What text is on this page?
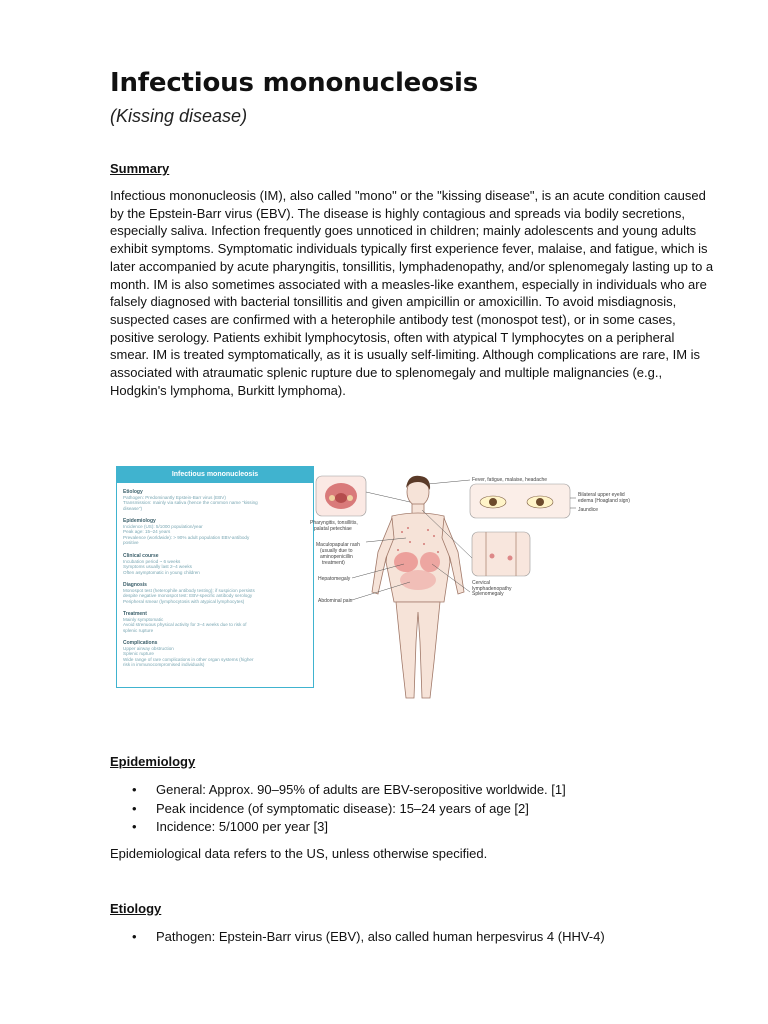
Infectious mononucleosis
(Kissing disease)
Summary
Infectious mononucleosis (IM), also called "mono" or the "kissing disease", is an acute condition caused by the Epstein-Barr virus (EBV). The disease is highly contagious and spreads via bodily secretions, especially saliva. Infection frequently goes unnoticed in children; mainly adolescents and young adults exhibit symptoms. Symptomatic individuals typically first experience fever, malaise, and fatigue, which is later accompanied by acute pharyngitis, tonsillitis, lymphadenopathy, and/or splenomegaly lasting up to a month. IM is also sometimes associated with a measles-like exanthem, especially in individuals who are falsely diagnosed with bacterial tonsillitis and given ampicillin or amoxicillin. To avoid misdiagnosis, suspected cases are confirmed with a heterophile antibody test (monospot test), or in some cases, positive serology. Patients exhibit lymphocytosis, often with atypical T lymphocytes on a peripheral smear. IM is treated symptomatically, as it is usually self-limiting. Although complications are rare, IM is associated with atraumatic splenic rupture due to splenomegaly and multiple malignancies (e.g., Hodgkin's lymphoma, Burkitt lymphoma).
Infectious mononucleosis
Etiology
Pathogen: Predominantly Epstein-Barr virus (EBV)
Transmission: mainly via saliva (hence the common name "kissing
disease")
Epidemiology
Incidence (US): 5/1000 population/year
Peak age: 15–24 years
Prevalence (worldwide): > 90% adult population EBV-antibody
positive
Clinical course
Incubation period ~ 6 weeks
Symptoms usually last 2–4 weeks
Often asymptomatic in young children
Diagnosis
Monospot test (heterophile antibody testing); if suspicion persists
despite negative monospot test: EBV-specific antibody serology
Peripheral smear (lymphocytosis with atypical lymphocytes)
Treatment
Mainly symptomatic
Avoid strenuous physical activity for 3–4 weeks due to risk of
splenic rupture
Complications
Upper airway obstruction
Splenic rupture
Wide range of rare complications in other organ systems (higher
risk in immunocompromised individuals)
Fever, fatigue, malaise, headache
Bilateral upper eyelid
edema (Hoagland sign)
Jaundice
Pharyngitis, tonsillitis,
palatal petechiae
Maculopapular rash
(usually due to
aminopenicillin
treatment)
Cervical
lymphadenopathy
Hepatomegaly
Splenomegaly
Abdominal pain
Epidemiology
• General: Approx. 90–95% of adults are EBV-seropositive worldwide. [1]
• Peak incidence (of symptomatic disease): 15–24 years of age [2]
• Incidence: 5/1000 per year [3]
Epidemiological data refers to the US, unless otherwise specified.
Etiology
• Pathogen: Epstein-Barr virus (EBV), also called human herpesvirus 4 (HHV-4)
